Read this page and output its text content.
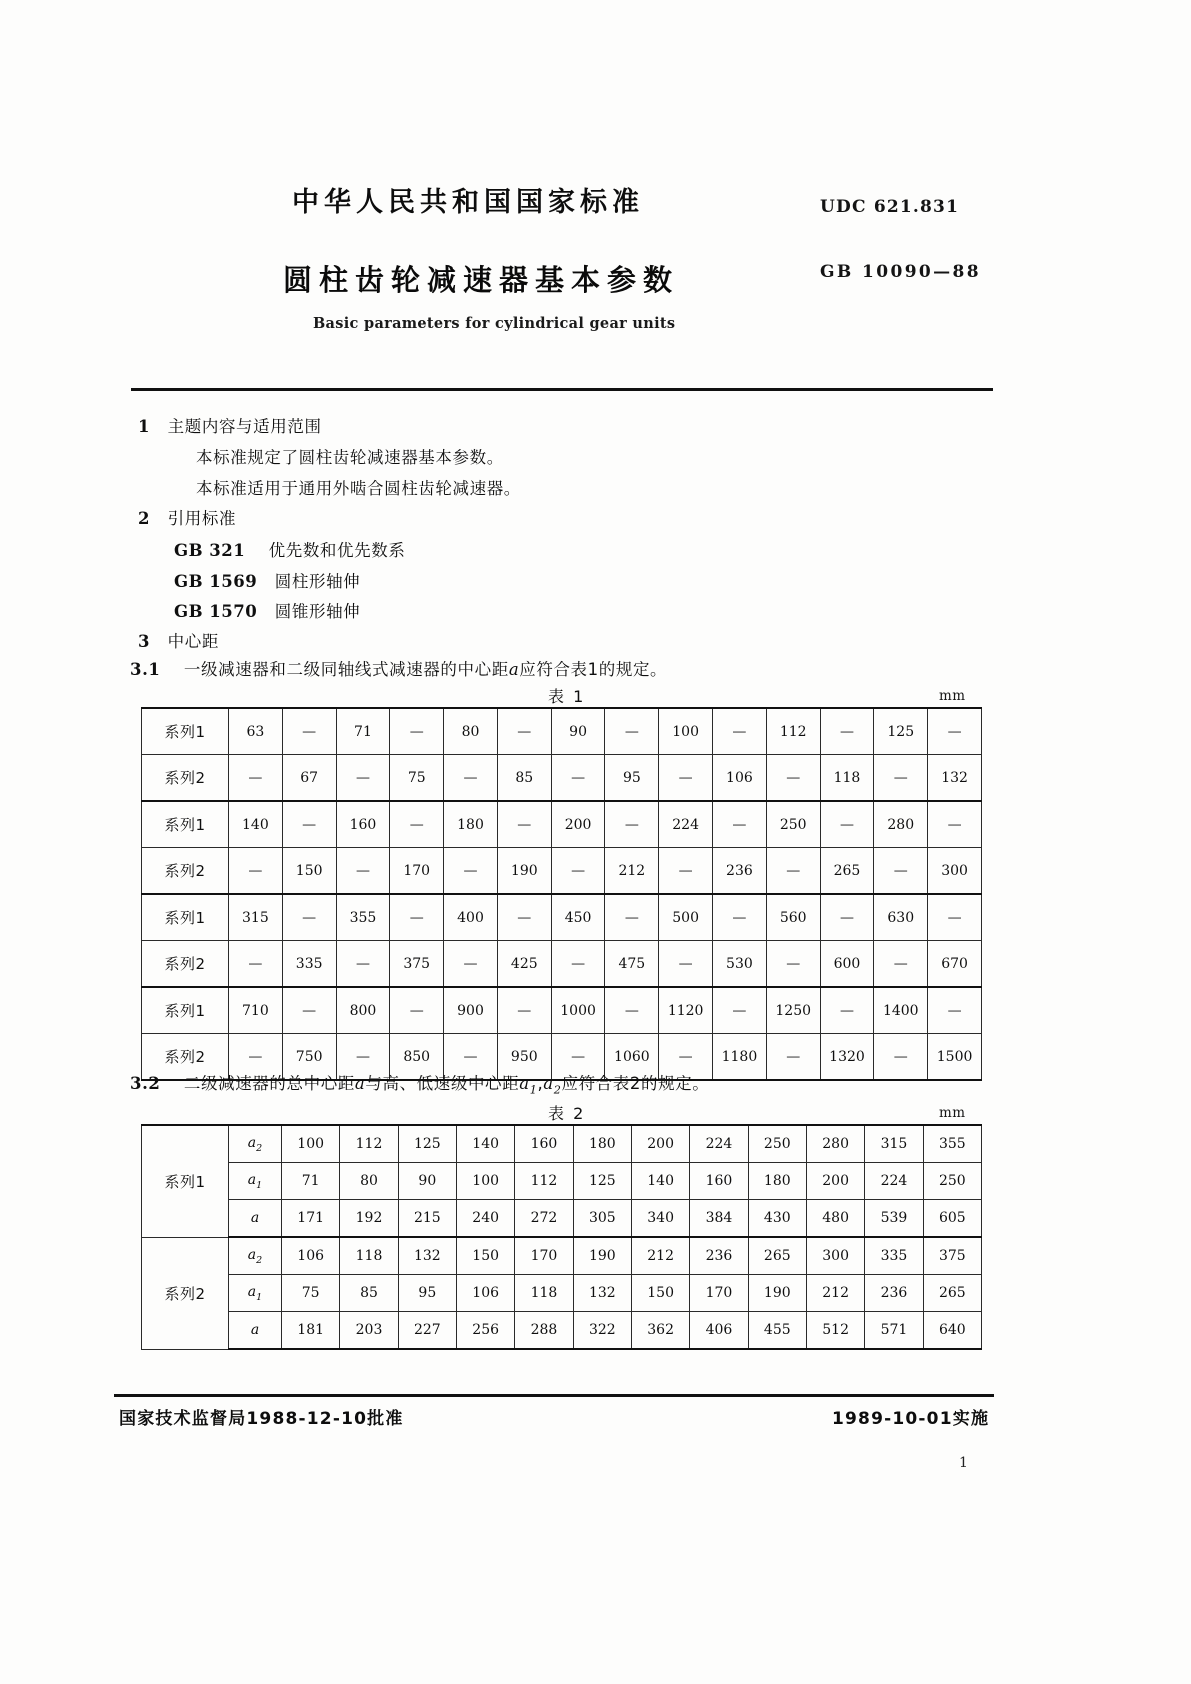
中华人民共和国国家标准	UDC 621.831
圆柱齿轮减速器基本参数	GB 10090—88
Basic parameters for cylindrical gear units
1 主题内容与适用范围
本标准规定了圆柱齿轮减速器基本参数。
本标准适用于通用外啮合圆柱齿轮减速器。
2 引用标准
GB 321 优先数和优先数系
GB 1569 圆柱形轴伸
GB 1570 圆锥形轴伸
3 中心距
3.1 一级减速器和二级同轴线式减速器的中心距a应符合表1的规定。
表 1	mm
系列1	63	—	71	—	80	—	90	—	100	—	112	—	125	—
系列2	—	67	—	75	—	85	—	95	—	106	—	118	—	132
系列1	140	—	160	—	180	—	200	—	224	—	250	—	280	—
系列2	—	150	—	170	—	190	—	212	—	236	—	265	—	300
系列1	315	—	355	—	400	—	450	—	500	—	560	—	630	—
系列2	—	335	—	375	—	425	—	475	—	530	—	600	—	670
系列1	710	—	800	—	900	—	1000	—	1120	—	1250	—	1400	—
系列2	—	750	—	850	—	950	—	1060	—	1180	—	1320	—	1500
3.2 二级减速器的总中心距a与高、低速级中心距$a_1,a_2$应符合表2的规定。
表 2	mm
系列1	$a_2$	100	112	125	140	160	180	200	224	250	280	315	355
	$a_1$	71	80	90	100	112	125	140	160	180	200	224	250
	a	171	192	215	240	272	305	340	384	430	480	539	605
系列2	$a_2$	106	118	132	150	170	190	212	236	265	300	335	375
	$a_1$	75	85	95	106	118	132	150	170	190	212	236	265
	a	181	203	227	256	288	322	362	406	455	512	571	640
国家技术监督局1988-12-10批准	1989-10-01实施
1
